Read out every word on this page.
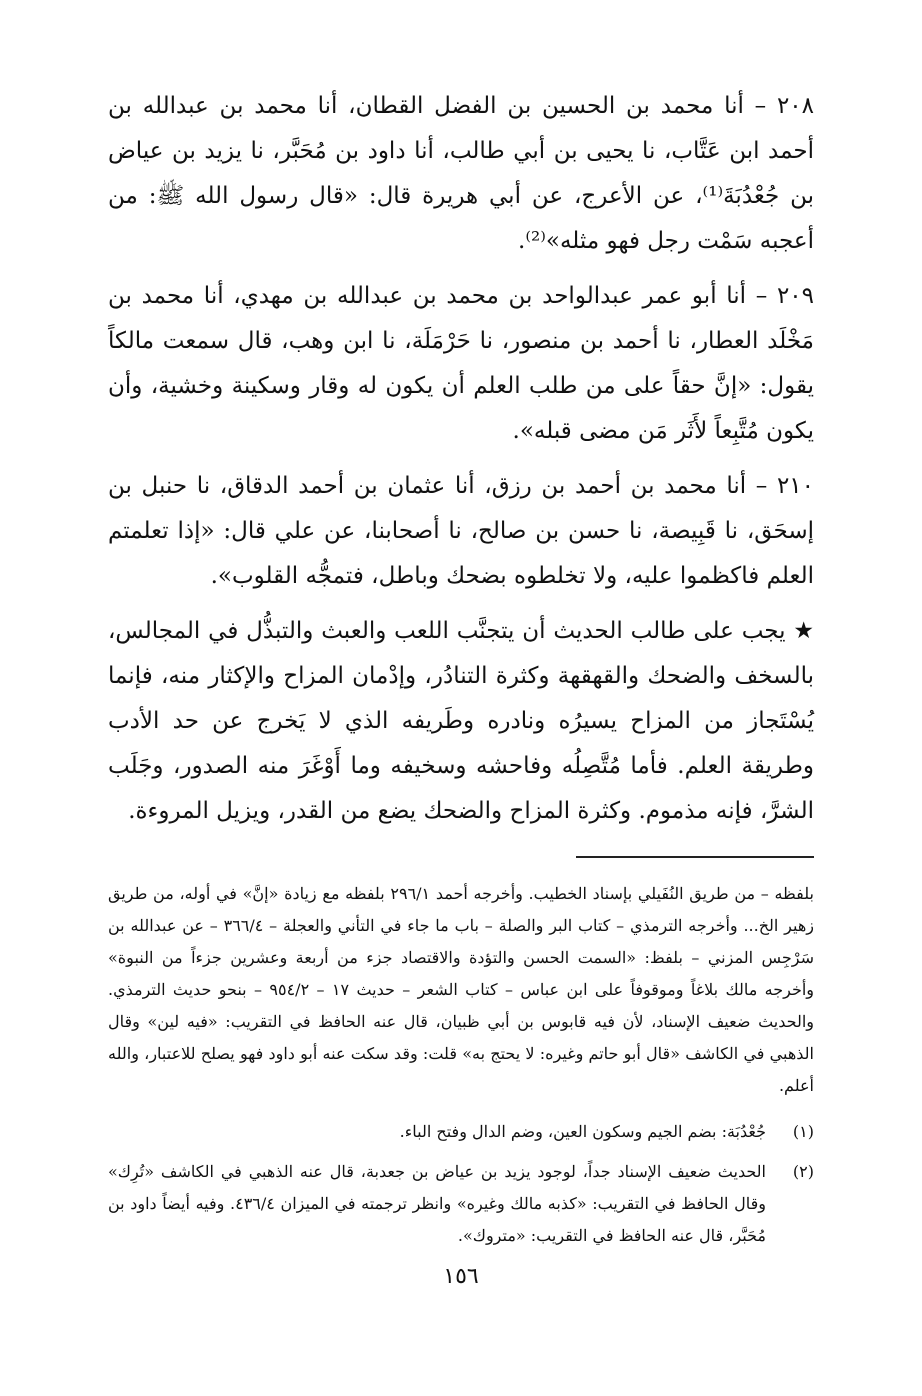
٢٠٨ – أنا محمد بن الحسين بن الفضل القطان، أنا محمد بن عبدالله بن أحمد ابن عَتَّاب، نا يحيى بن أبي طالب، أنا داود بن مُحَبَّر، نا يزيد بن عياض بن جُعْدُبَةَ⁽¹⁾، عن الأعرج، عن أبي هريرة قال: «قال رسول الله ﷺ: من أعجبه سَمْت رجل فهو مثله»⁽²⁾.

٢٠٩ – أنا أبو عمر عبدالواحد بن محمد بن عبدالله بن مهدي، أنا محمد بن مَخْلَد العطار، نا أحمد بن منصور، نا حَرْمَلَة، نا ابن وهب، قال سمعت مالكاً يقول: «إنَّ حقاً على من طلب العلم أن يكون له وقار وسكينة وخشية، وأن يكون مُتَّبِعاً لأَثَر مَن مضى قبله».

٢١٠ – أنا محمد بن أحمد بن رزق، أنا عثمان بن أحمد الدقاق، نا حنبل بن إسحَق، نا قَبِيصة، نا حسن بن صالح، نا أصحابنا، عن علي قال: «إذا تعلمتم العلم فاكظموا عليه، ولا تخلطوه بضحك وباطل، فتمجُّه القلوب».

★ يجب على طالب الحديث أن يتجنَّب اللعب والعبث والتبذُّل في المجالس، بالسخف والضحك والقهقهة وكثرة التنادُر، وإدْمان المزاح والإكثار منه، فإنما يُسْتَجاز من المزاح يسيرُه ونادره وطَريفه الذي لا يَخرج عن حد الأدب وطريقة العلم. فأما مُتَّصِلُه وفاحشه وسخيفه وما أَوْغَرَ منه الصدور، وجَلَب الشرَّ، فإنه مذموم. وكثرة المزاح والضحك يضع من القدر، ويزيل المروءة.

بلفظه – من طريق النُفَيلي بإسناد الخطيب. وأخرجه أحمد ٢٩٦/١ بلفظه مع زيادة «إنَّ» في أوله، من طريق زهير الخ... وأخرجه الترمذي – كتاب البر والصلة – باب ما جاء في التأني والعجلة – ٣٦٦/٤ – عن عبدالله بن سَرْجِس المزني – بلفظ: «السمت الحسن والتؤدة والاقتصاد جزء من أربعة وعشرين جزءاً من النبوة» وأخرجه مالك بلاغاً وموقوفاً على ابن عباس – كتاب الشعر – حديث ١٧ – ٩٥٤/٢ – بنحو حديث الترمذي. والحديث ضعيف الإسناد، لأن فيه قابوس بن أبي ظبيان، قال عنه الحافظ في التقريب: «فيه لين» وقال الذهبي في الكاشف «قال أبو حاتم وغيره: لا يحتج به» قلت: وقد سكت عنه أبو داود فهو يصلح للاعتبار، والله أعلم.

(١)
جُعْدُبَة: بضم الجيم وسكون العين، وضم الدال وفتح الباء.
(٢)
الحديث ضعيف الإسناد جداً، لوجود يزيد بن عياض بن جعدبة، قال عنه الذهبي في الكاشف «تُرِك» وقال الحافظ في التقريب: «كذبه مالك وغيره» وانظر ترجمته في الميزان ٤٣٦/٤. وفيه أيضاً داود بن مُحَبَّر، قال عنه الحافظ في التقريب: «متروك».
١٥٦
